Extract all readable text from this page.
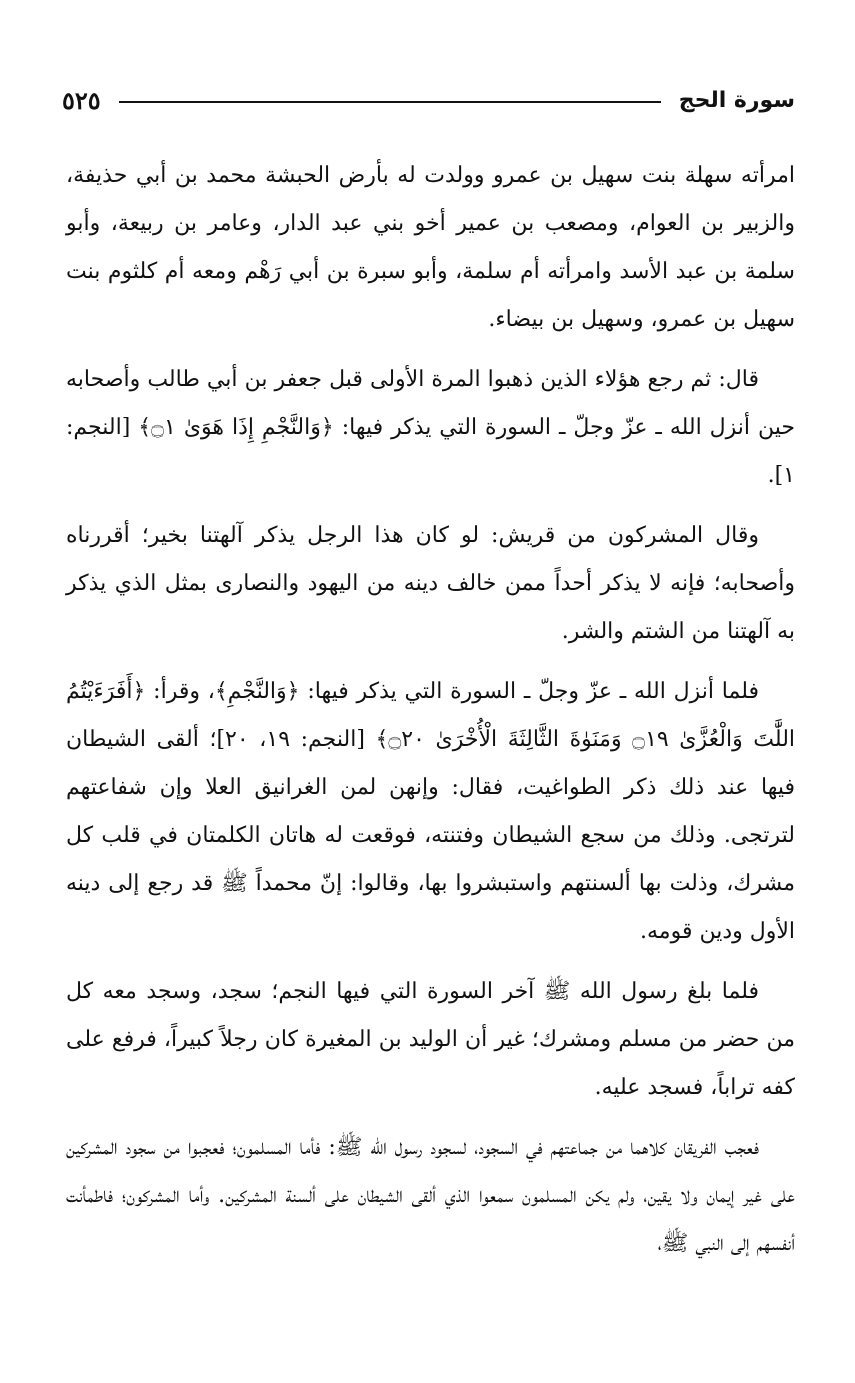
٥٢٥	سورة الحج

امرأته سهلة بنت سهيل بن عمرو وولدت له بأرض الحبشة محمد بن أبي حذيفة، والزبير بن العوام، ومصعب بن عمير أخو بني عبد الدار، وعامر بن ربيعة، وأبو سلمة بن عبد الأسد وامرأته أم سلمة، وأبو سبرة بن أبي رَهْم ومعه أم كلثوم بنت سهيل بن عمرو، وسهيل بن بيضاء.

قال: ثم رجع هؤلاء الذين ذهبوا المرة الأولى قبل جعفر بن أبي طالب وأصحابه حين أنزل الله ـ عزّ وجلّ ـ السورة التي يذكر فيها: ﴿وَالنَّجْمِ إِذَا هَوَىٰ ۝١﴾ [النجم: ١].

وقال المشركون من قريش: لو كان هذا الرجل يذكر آلهتنا بخير؛ أقررناه وأصحابه؛ فإنه لا يذكر أحداً ممن خالف دينه من اليهود والنصارى بمثل الذي يذكر به آلهتنا من الشتم والشر.

فلما أنزل الله ـ عزّ وجلّ ـ السورة التي يذكر فيها: ﴿وَالنَّجْمِ﴾، وقرأ: ﴿أَفَرَءَيْتُمُ اللَّٰتَ وَالْعُزَّىٰ ۝١٩ وَمَنَوٰةَ الثَّالِثَةَ الْأُخْرَىٰ ۝٢٠﴾ [النجم: ١٩، ٢٠]؛ ألقى الشيطان فيها عند ذلك ذكر الطواغيت، فقال: وإنهن لمن الغرانيق العلا وإن شفاعتهم لترتجى. وذلك من سجع الشيطان وفتنته، فوقعت له هاتان الكلمتان في قلب كل مشرك، وذلت بها ألسنتهم واستبشروا بها، وقالوا: إنّ محمداً ﷺ قد رجع إلى دينه الأول ودين قومه.

فلما بلغ رسول الله ﷺ آخر السورة التي فيها النجم؛ سجد، وسجد معه كل من حضر من مسلم ومشرك؛ غير أن الوليد بن المغيرة كان رجلاً كبيراً، فرفع على كفه تراباً، فسجد عليه.

فعجب الفريقان كلاهما من جماعتهم في السجود، لسجود رسول الله ﷺ: فأما المسلمون؛ فعجبوا من سجود المشركين على غير إيمان ولا يقين، ولم يكن المسلمون سمعوا الذي ألقى الشيطان على ألسنة المشركين. وأما المشركون؛ فاطمأنت أنفسهم إلى النبي ﷺ،
